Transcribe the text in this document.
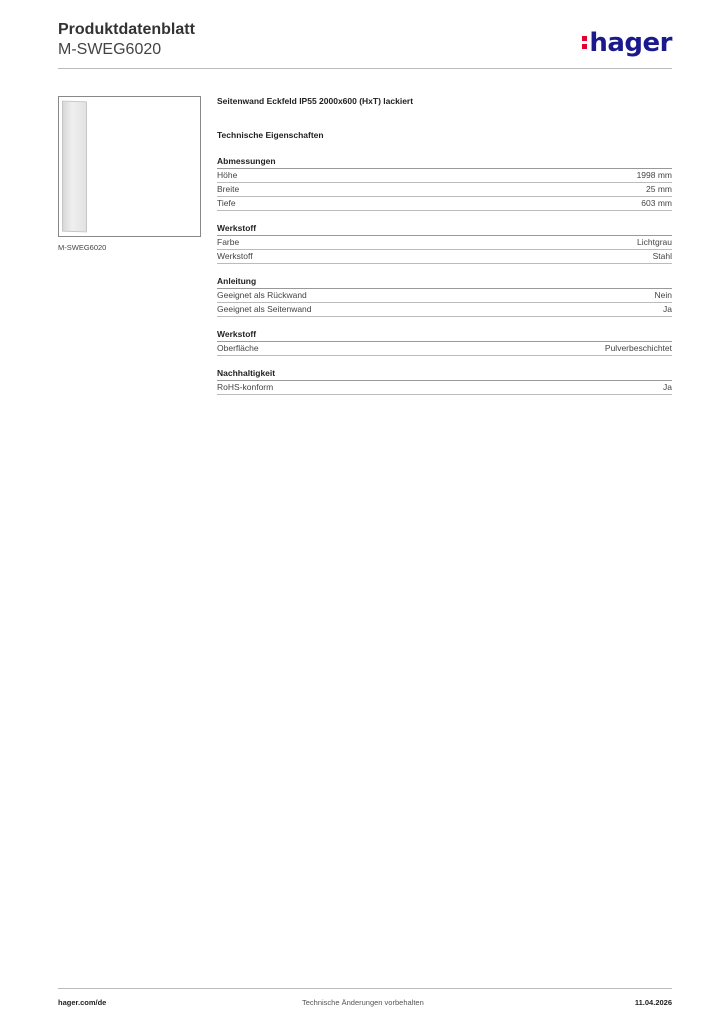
Produktdatenblatt
M-SWEG6020	hager
M-SWEG6020
Seitenwand Eckfeld IP55 2000x600 (HxT) lackiert
Technische Eigenschaften
Abmessungen
Höhe	1998 mm
Breite	25 mm
Tiefe	603 mm
Werkstoff
Farbe	Lichtgrau
Werkstoff	Stahl
Anleitung
Geeignet als Rückwand	Nein
Geeignet als Seitenwand	Ja
Werkstoff
Oberfläche	Pulverbeschichtet
Nachhaltigkeit
RoHS-konform	Ja
hager.com/de	Technische Änderungen vorbehalten	11.04.2026
